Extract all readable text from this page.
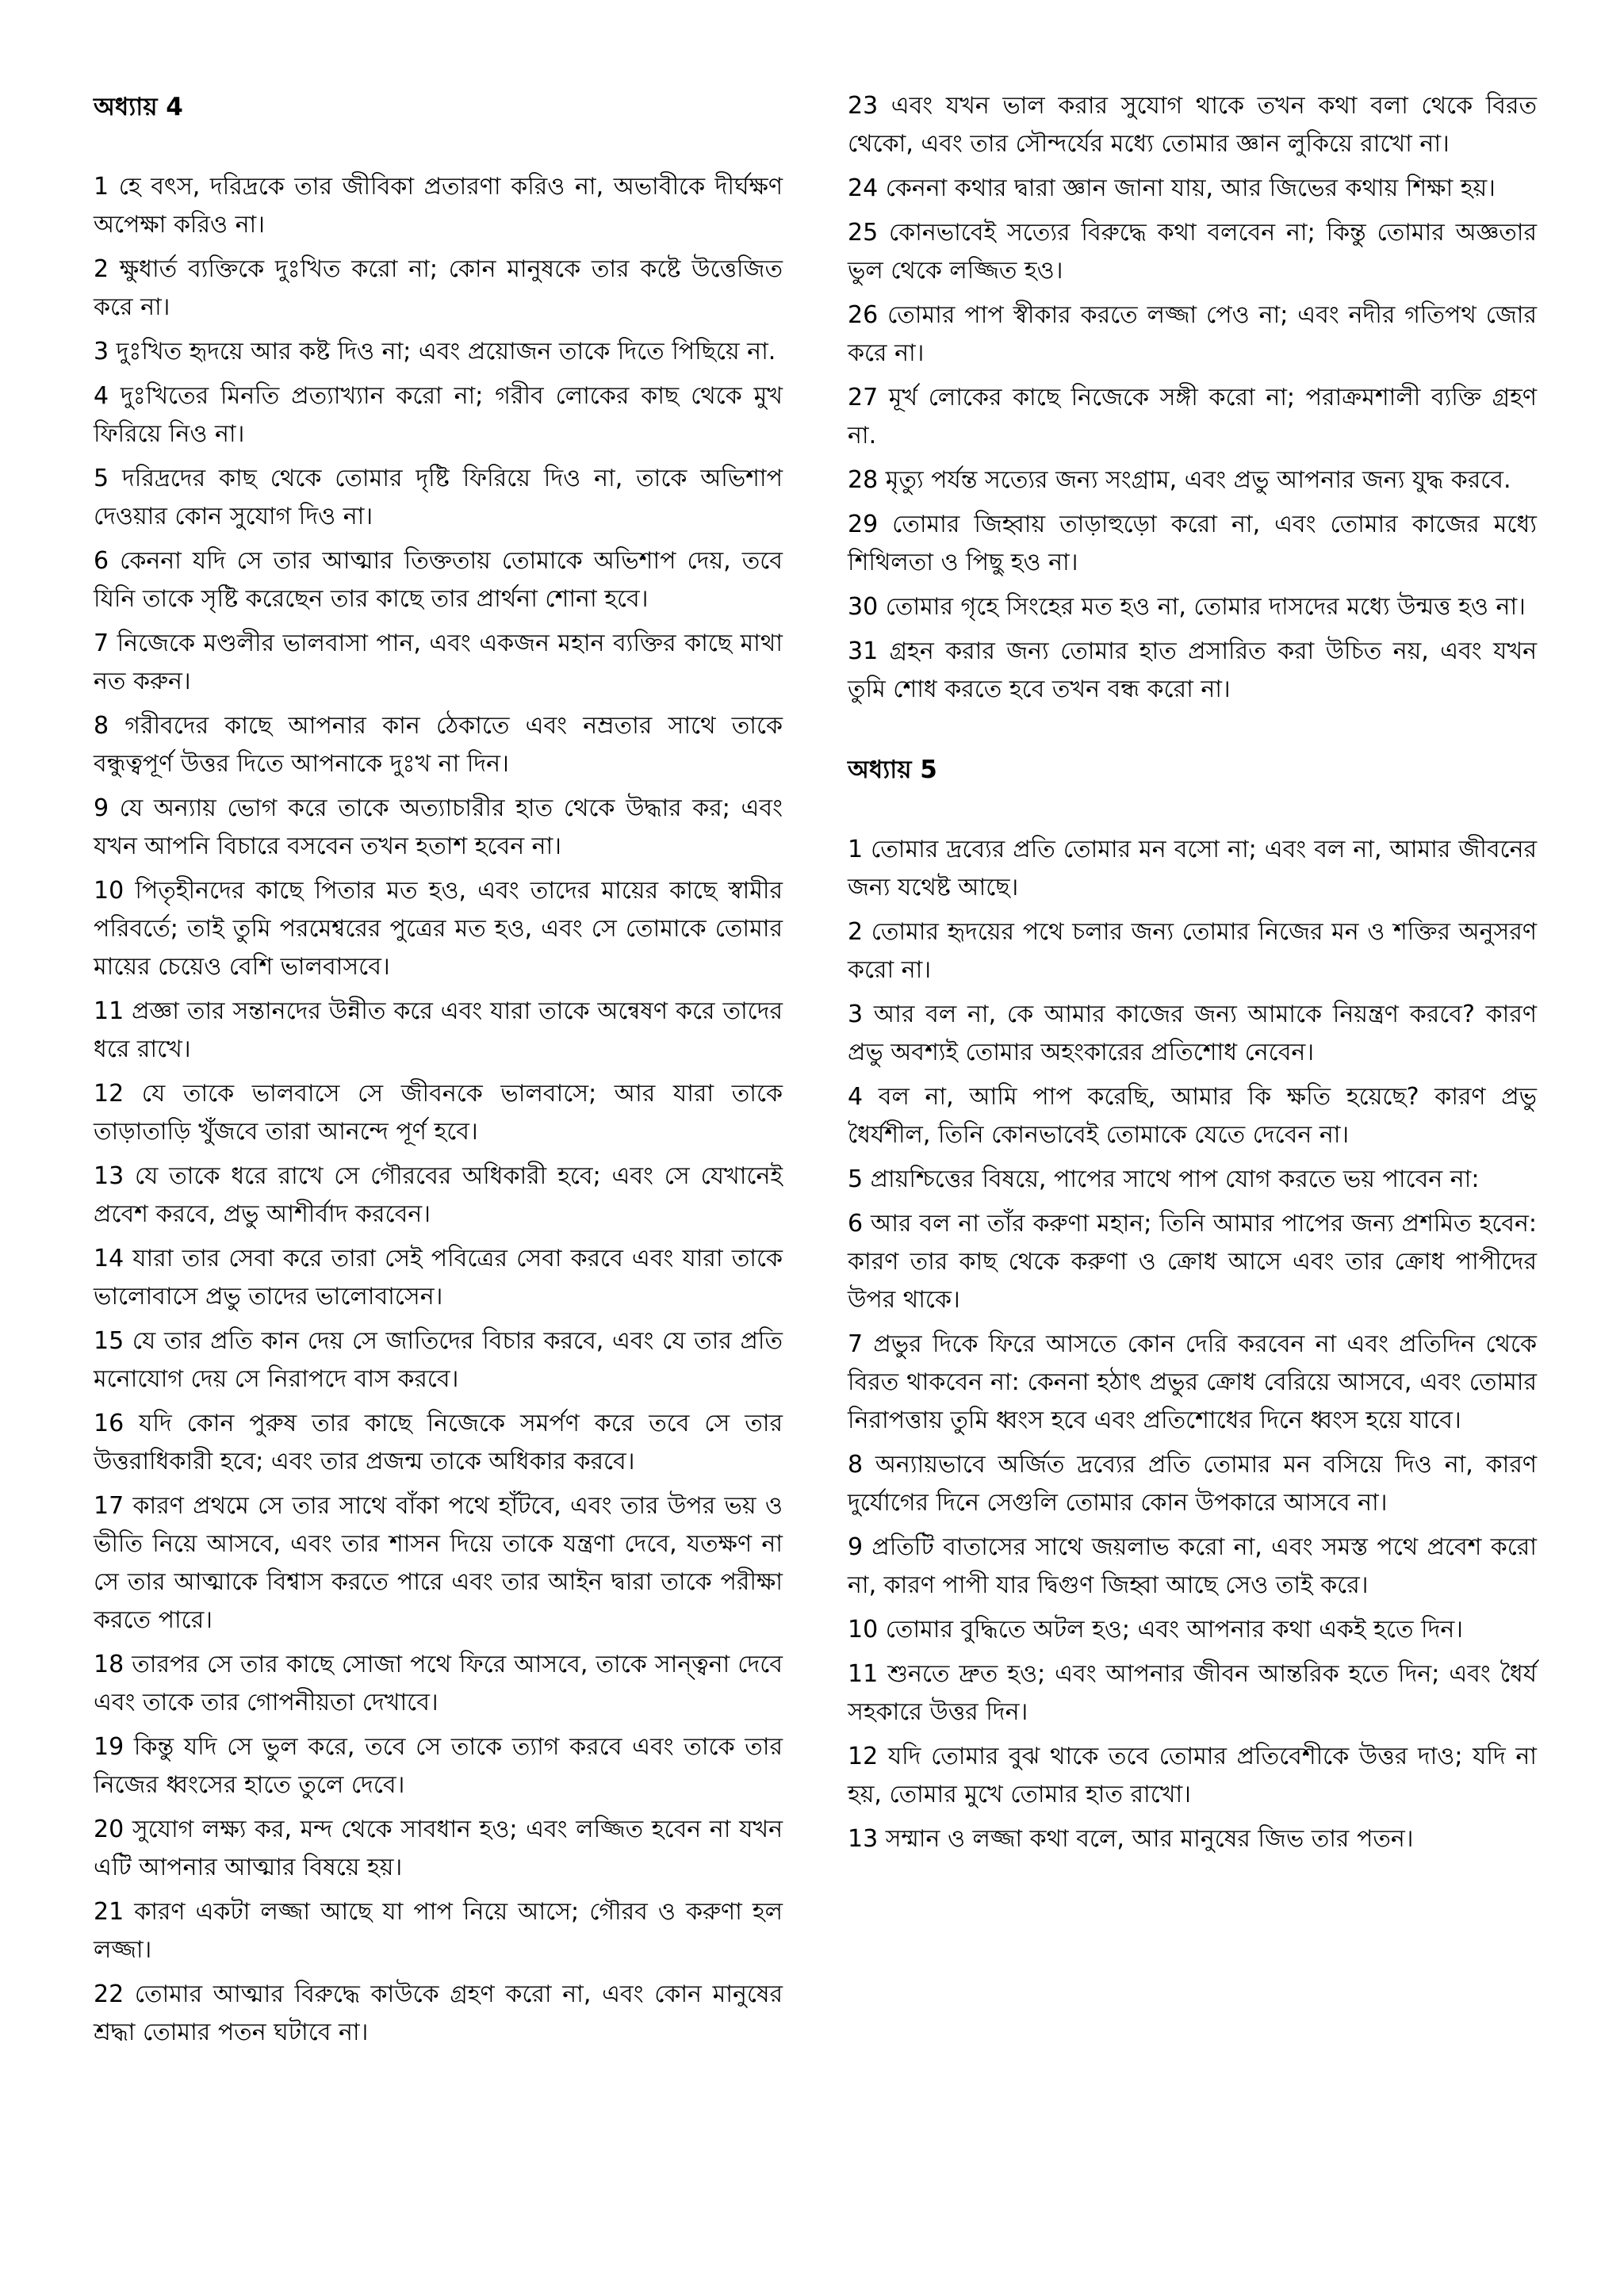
অধ্যায় 4

1 হে বৎস, দরিদ্রকে তার জীবিকা প্রতারণা করিও না, অভাবীকে দীর্ঘক্ষণ অপেক্ষা করিও না।

2 ক্ষুধার্ত ব্যক্তিকে দুঃখিত করো না; কোন মানুষকে তার কষ্টে উত্তেজিত করে না।

3 দুঃখিত হৃদয়ে আর কষ্ট দিও না; এবং প্রয়োজন তাকে দিতে পিছিয়ে না.

4 দুঃখিতের মিনতি প্রত্যাখ্যান করো না; গরীব লোকের কাছ থেকে মুখ ফিরিয়ে নিও না।

5 দরিদ্রদের কাছ থেকে তোমার দৃষ্টি ফিরিয়ে দিও না, তাকে অভিশাপ দেওয়ার কোন সুযোগ দিও না।

6 কেননা যদি সে তার আত্মার তিক্ততায় তোমাকে অভিশাপ দেয়, তবে যিনি তাকে সৃষ্টি করেছেন তার কাছে তার প্রার্থনা শোনা হবে।

7 নিজেকে মণ্ডলীর ভালবাসা পান, এবং একজন মহান ব্যক্তির কাছে মাথা নত করুন।

8 গরীবদের কাছে আপনার কান ঠেকাতে এবং নম্রতার সাথে তাকে বন্ধুত্বপূর্ণ উত্তর দিতে আপনাকে দুঃখ না দিন।

9 যে অন্যায় ভোগ করে তাকে অত্যাচারীর হাত থেকে উদ্ধার কর; এবং যখন আপনি বিচারে বসবেন তখন হতাশ হবেন না।

10 পিতৃহীনদের কাছে পিতার মত হও, এবং তাদের মায়ের কাছে স্বামীর পরিবর্তে; তাই তুমি পরমেশ্বরের পুত্রের মত হও, এবং সে তোমাকে তোমার মায়ের চেয়েও বেশি ভালবাসবে।

11 প্রজ্ঞা তার সন্তানদের উন্নীত করে এবং যারা তাকে অন্বেষণ করে তাদের ধরে রাখে।

12 যে তাকে ভালবাসে সে জীবনকে ভালবাসে; আর যারা তাকে তাড়াতাড়ি খুঁজবে তারা আনন্দে পূর্ণ হবে।

13 যে তাকে ধরে রাখে সে গৌরবের অধিকারী হবে; এবং সে যেখানেই প্রবেশ করবে, প্রভু আশীর্বাদ করবেন।

14 যারা তার সেবা করে তারা সেই পবিত্রের সেবা করবে এবং যারা তাকে ভালোবাসে প্রভু তাদের ভালোবাসেন।

15 যে তার প্রতি কান দেয় সে জাতিদের বিচার করবে, এবং যে তার প্রতি মনোযোগ দেয় সে নিরাপদে বাস করবে।

16 যদি কোন পুরুষ তার কাছে নিজেকে সমর্পণ করে তবে সে তার উত্তরাধিকারী হবে; এবং তার প্রজন্ম তাকে অধিকার করবে।

17 কারণ প্রথমে সে তার সাথে বাঁকা পথে হাঁটবে, এবং তার উপর ভয় ও ভীতি নিয়ে আসবে, এবং তার শাসন দিয়ে তাকে যন্ত্রণা দেবে, যতক্ষণ না সে তার আত্মাকে বিশ্বাস করতে পারে এবং তার আইন দ্বারা তাকে পরীক্ষা করতে পারে।

18 তারপর সে তার কাছে সোজা পথে ফিরে আসবে, তাকে সান্ত্বনা দেবে এবং তাকে তার গোপনীয়তা দেখাবে।

19 কিন্তু যদি সে ভুল করে, তবে সে তাকে ত্যাগ করবে এবং তাকে তার নিজের ধ্বংসের হাতে তুলে দেবে।

20 সুযোগ লক্ষ্য কর, মন্দ থেকে সাবধান হও; এবং লজ্জিত হবেন না যখন এটি আপনার আত্মার বিষয়ে হয়।

21 কারণ একটা লজ্জা আছে যা পাপ নিয়ে আসে; গৌরব ও করুণা হল লজ্জা।

22 তোমার আত্মার বিরুদ্ধে কাউকে গ্রহণ করো না, এবং কোন মানুষের শ্রদ্ধা তোমার পতন ঘটাবে না।

23 এবং যখন ভাল করার সুযোগ থাকে তখন কথা বলা থেকে বিরত থেকো, এবং তার সৌন্দর্যের মধ্যে তোমার জ্ঞান লুকিয়ে রাখো না।

24 কেননা কথার দ্বারা জ্ঞান জানা যায়, আর জিভের কথায় শিক্ষা হয়।

25 কোনভাবেই সত্যের বিরুদ্ধে কথা বলবেন না; কিন্তু তোমার অজ্ঞতার ভুল থেকে লজ্জিত হও।

26 তোমার পাপ স্বীকার করতে লজ্জা পেও না; এবং নদীর গতিপথ জোর করে না।

27 মূর্খ লোকের কাছে নিজেকে সঙ্গী করো না; পরাক্রমশালী ব্যক্তি গ্রহণ না.

28 মৃত্যু পর্যন্ত সত্যের জন্য সংগ্রাম, এবং প্রভু আপনার জন্য যুদ্ধ করবে.

29 তোমার জিহ্বায় তাড়াহুড়ো করো না, এবং তোমার কাজের মধ্যে শিথিলতা ও পিছু হও না।

30 তোমার গৃহে সিংহের মত হও না, তোমার দাসদের মধ্যে উন্মত্ত হও না।

31 গ্রহন করার জন্য তোমার হাত প্রসারিত করা উচিত নয়, এবং যখন তুমি শোধ করতে হবে তখন বন্ধ করো না।

অধ্যায় 5

1 তোমার দ্রব্যের প্রতি তোমার মন বসো না; এবং বল না, আমার জীবনের জন্য যথেষ্ট আছে।

2 তোমার হৃদয়ের পথে চলার জন্য তোমার নিজের মন ও শক্তির অনুসরণ করো না।

3 আর বল না, কে আমার কাজের জন্য আমাকে নিয়ন্ত্রণ করবে? কারণ প্রভু অবশ্যই তোমার অহংকারের প্রতিশোধ নেবেন।

4 বল না, আমি পাপ করেছি, আমার কি ক্ষতি হয়েছে? কারণ প্রভু ধৈর্যশীল, তিনি কোনভাবেই তোমাকে যেতে দেবেন না।

5 প্রায়শ্চিত্তের বিষয়ে, পাপের সাথে পাপ যোগ করতে ভয় পাবেন না:

6 আর বল না তাঁর করুণা মহান; তিনি আমার পাপের জন্য প্রশমিত হবেন: কারণ তার কাছ থেকে করুণা ও ক্রোধ আসে এবং তার ক্রোধ পাপীদের উপর থাকে।

7 প্রভুর দিকে ফিরে আসতে কোন দেরি করবেন না এবং প্রতিদিন থেকে বিরত থাকবেন না: কেননা হঠাৎ প্রভুর ক্রোধ বেরিয়ে আসবে, এবং তোমার নিরাপত্তায় তুমি ধ্বংস হবে এবং প্রতিশোধের দিনে ধ্বংস হয়ে যাবে।

8 অন্যায়ভাবে অর্জিত দ্রব্যের প্রতি তোমার মন বসিয়ে দিও না, কারণ দুর্যোগের দিনে সেগুলি তোমার কোন উপকারে আসবে না।

9 প্রতিটি বাতাসের সাথে জয়লাভ করো না, এবং সমস্ত পথে প্রবেশ করো না, কারণ পাপী যার দ্বিগুণ জিহ্বা আছে সেও তাই করে।

10 তোমার বুদ্ধিতে অটল হও; এবং আপনার কথা একই হতে দিন।

11 শুনতে দ্রুত হও; এবং আপনার জীবন আন্তরিক হতে দিন; এবং ধৈর্য সহকারে উত্তর দিন।

12 যদি তোমার বুঝ থাকে তবে তোমার প্রতিবেশীকে উত্তর দাও; যদি না হয়, তোমার মুখে তোমার হাত রাখো।

13 সম্মান ও লজ্জা কথা বলে, আর মানুষের জিভ তার পতন।
